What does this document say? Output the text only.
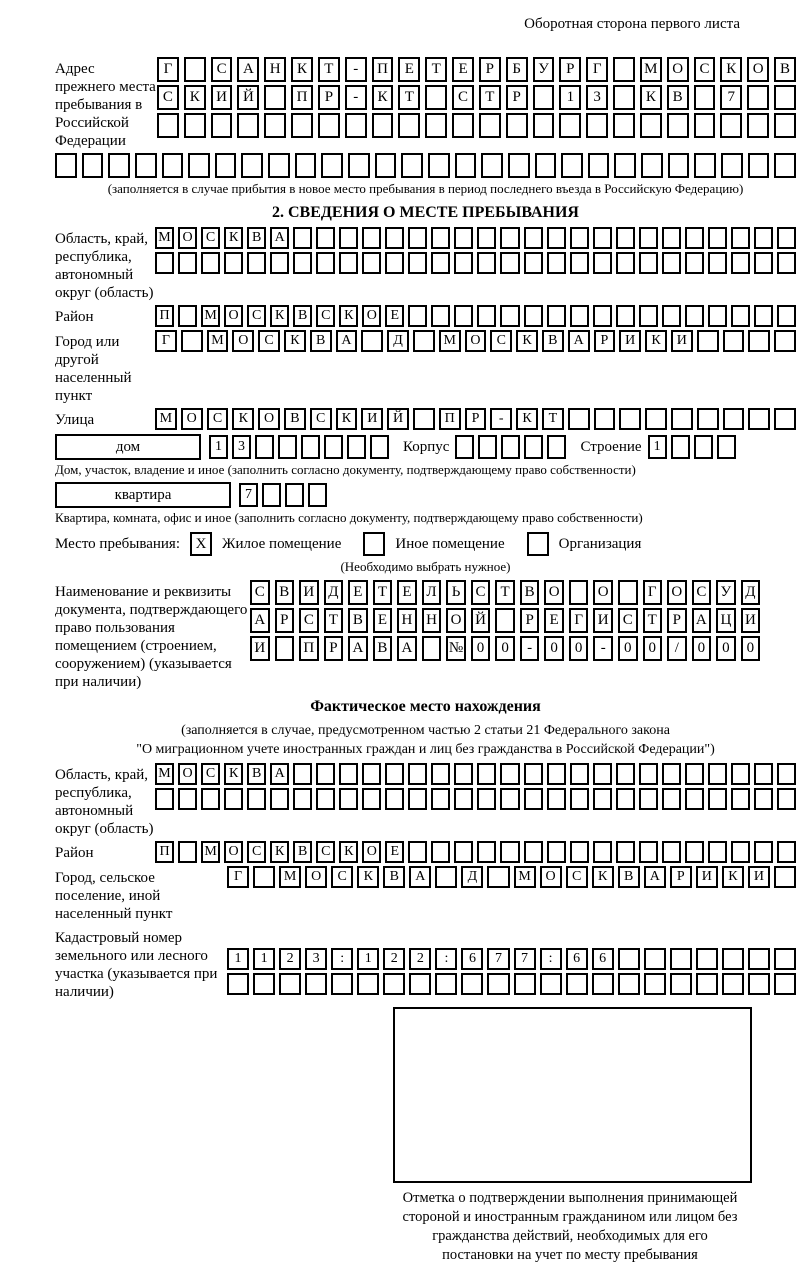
Оборотная сторона первого листа
Адрес прежнего места пребывания в Российской Федерации
Г	С	А	Н	К	Т	-	П	Е	Т	Е	Р	Б	У	Р	Г	М О	С	К	О	В
С	К	И	Й	П	Р	-	К	Т	С	Т	Р	1	3	К	В	7
(заполняется в случае прибытия в новое место пребывания в период последнего въезда в Российскую Федерацию)
2. СВЕДЕНИЯ О МЕСТЕ ПРЕБЫВАНИЯ
Область, край, республика, автономный округ (область)
М О С К В А
Район	П	М О С К В С К О Е
Город или другой населенный пункт
Г	М	О	С	К	В	А	Д	М	О	С	К	В	А	Р	И	К	И
Улица	М	О	С	К	О	В	С	К	И	Й	П	Р	-	К	Т
дом	1	3	Корпус	Строение 1
Дом, участок, владение и иное (заполнить согласно документу, подтверждающему право собственности)
квартира	7
Квартира, комната, офис и иное (заполнить согласно документу, подтверждающему право собственности)
Место пребывания:	X	Жилое помещение	Иное помещение	Организация
(Необходимо выбрать нужное)
Наименование и реквизиты документа, подтверждающего право пользования помещением (строением, сооружением) (указывается при наличии)
С В И Д Е	Т	Е Л	Ь	С Т В О	О	Г О С У Д
А Р	С Т В Е Н Н О Й	Р	Е	Г И С Т	Р А Ц И
И	П Р А В А № 0	0	-	0	0	-	0	0	/	0	0	0
Фактическое место нахождения
(заполняется в случае, предусмотренном частью 2 статьи 21 Федерального закона
"О миграционном учете иностранных граждан и лиц без гражданства в Российской Федерации")
Область, край, республика, автономный округ (область)
М О С К В А
Район	П	М О С К В С К О Е
Город, сельское поселение, иной населенный пункт
Г	М	О	С	К	В	А	Д	М	О	С	К	В	А	Р	И	К	И
Кадастровый номер земельного или лесного участка (указывается при наличии)
1	1	2	3	:	1	2	2	:	6	7	7	:	6	6
Отметка о подтверждении выполнения принимающей стороной и иностранным гражданином или лицом без гражданства действий, необходимых для его постановки на учет по месту пребывания
